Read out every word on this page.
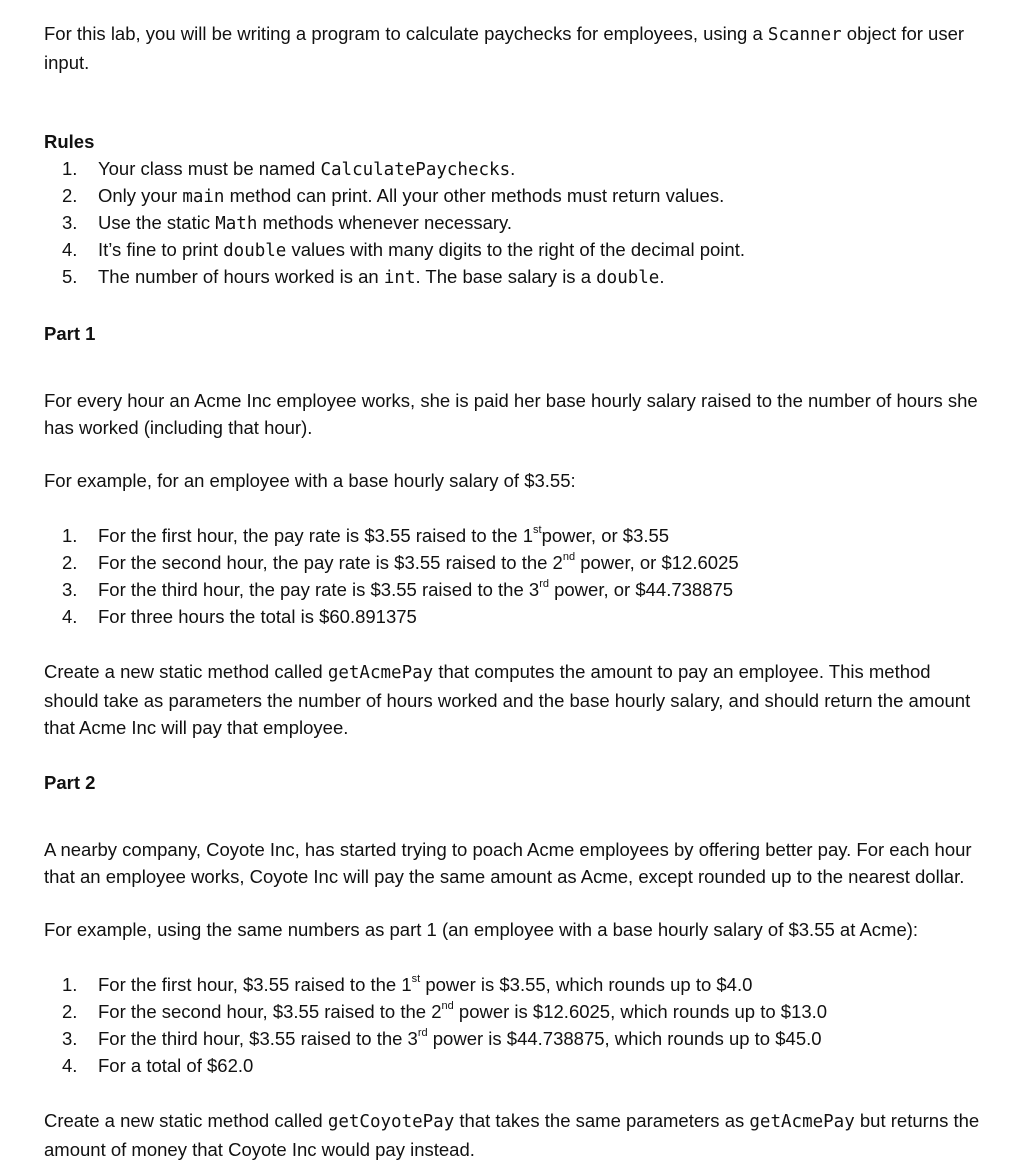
For this lab, you will be writing a program to calculate paychecks for employees, using a Scanner object for user input.

Rules

1. Your class must be named CalculatePaychecks.
2. Only your main method can print. All your other methods must return values.
3. Use the static Math methods whenever necessary.
4. It’s fine to print double values with many digits to the right of the decimal point.
5. The number of hours worked is an int. The base salary is a double.

Part 1

For every hour an Acme Inc employee works, she is paid her base hourly salary raised to the number of hours she has worked (including that hour).

For example, for an employee with a base hourly salary of $3.55:

1. For the first hour, the pay rate is $3.55 raised to the 1stpower, or $3.55
2. For the second hour, the pay rate is $3.55 raised to the 2nd power, or $12.6025
3. For the third hour, the pay rate is $3.55 raised to the 3rd power, or $44.738875
4. For three hours the total is $60.891375

Create a new static method called getAcmePay that computes the amount to pay an employee. This method should take as parameters the number of hours worked and the base hourly salary, and should return the amount that Acme Inc will pay that employee.

Part 2

A nearby company, Coyote Inc, has started trying to poach Acme employees by offering better pay. For each hour that an employee works, Coyote Inc will pay the same amount as Acme, except rounded up to the nearest dollar.

For example, using the same numbers as part 1 (an employee with a base hourly salary of $3.55 at Acme):

1. For the first hour, $3.55 raised to the 1st power is $3.55, which rounds up to $4.0
2. For the second hour, $3.55 raised to the 2nd power is $12.6025, which rounds up to $13.0
3. For the third hour, $3.55 raised to the 3rd power is $44.738875, which rounds up to $45.0
4. For a total of $62.0

Create a new static method called getCoyotePay that takes the same parameters as getAcmePay but returns the amount of money that Coyote Inc would pay instead.
